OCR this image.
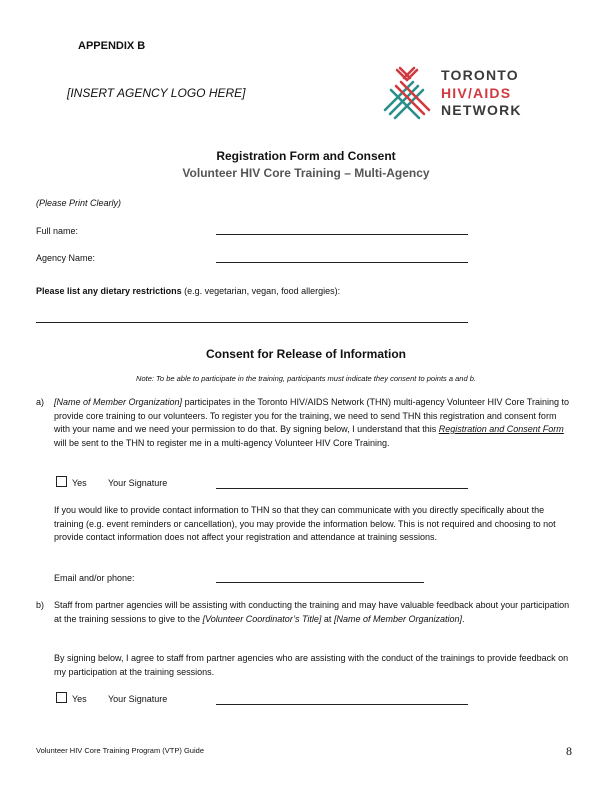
APPENDIX B
[INSERT AGENCY LOGO HERE]
TORONTO
HIV/AIDS
NETWORK
Registration Form and Consent
Volunteer HIV Core Training – Multi-Agency
(Please Print Clearly)
Full name:
Agency Name:
Please list any dietary restrictions (e.g. vegetarian, vegan, food allergies):
Consent for Release of Information
Note: To be able to participate in the training, participants must indicate they consent to points a and b.
a) [Name of Member Organization] participates in the Toronto HIV/AIDS Network (THN) multi-agency Volunteer HIV Core Training to provide core training to our volunteers. To register you for the training, we need to send THN this registration and consent form with your name and we need your permission to do that. By signing below, I understand that this Registration and Consent Form will be sent to the THN to register me in a multi-agency Volunteer HIV Core Training.
Yes Your Signature
If you would like to provide contact information to THN so that they can communicate with you directly specifically about the training (e.g. event reminders or cancellation), you may provide the information below. This is not required and choosing to not provide contact information does not affect your registration and attendance at training sessions.
Email and/or phone:
b) Staff from partner agencies will be assisting with conducting the training and may have valuable feedback about your participation at the training sessions to give to the [Volunteer Coordinator’s Title] at [Name of Member Organization].
By signing below, I agree to staff from partner agencies who are assisting with the conduct of the trainings to provide feedback on my participation at the training sessions.
Yes Your Signature
Volunteer HIV Core Training Program (VTP) Guide	8
